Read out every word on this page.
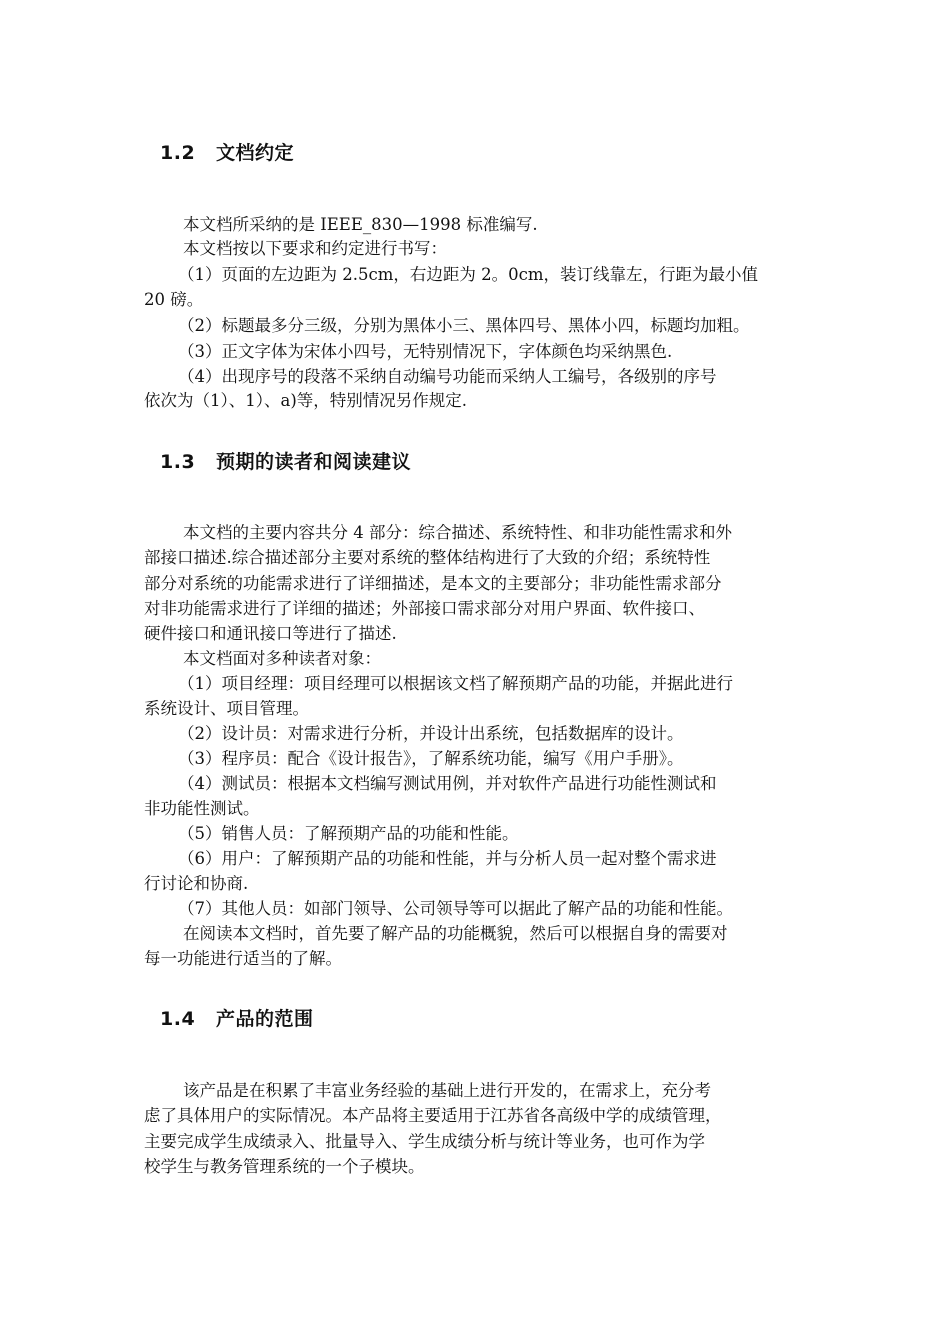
1.2 文档约定
本文档所采纳的是 IEEE_830—1998 标准编写.
本文档按以下要求和约定进行书写：
（1）页面的左边距为 2.5cm，右边距为 2。0cm，装订线靠左，行距为最小值
20 磅。
（2）标题最多分三级，分别为黑体小三、黑体四号、黑体小四，标题均加粗。
（3）正文字体为宋体小四号，无特别情况下，字体颜色均采纳黑色.
（4）出现序号的段落不采纳自动编号功能而采纳人工编号，各级别的序号
依次为（1）、1）、a)等，特别情况另作规定.
1.3 预期的读者和阅读建议
本文档的主要内容共分 4 部分：综合描述、系统特性、和非功能性需求和外
部接口描述.综合描述部分主要对系统的整体结构进行了大致的介绍；系统特性
部分对系统的功能需求进行了详细描述，是本文的主要部分；非功能性需求部分
对非功能需求进行了详细的描述；外部接口需求部分对用户界面、软件接口、
硬件接口和通讯接口等进行了描述.
本文档面对多种读者对象：
（1）项目经理：项目经理可以根据该文档了解预期产品的功能，并据此进行
系统设计、项目管理。
（2）设计员：对需求进行分析，并设计出系统，包括数据库的设计。
（3）程序员：配合《设计报告》，了解系统功能，编写《用户手册》。
（4）测试员：根据本文档编写测试用例，并对软件产品进行功能性测试和
非功能性测试。
（5）销售人员：了解预期产品的功能和性能。
（6）用户：了解预期产品的功能和性能，并与分析人员一起对整个需求进
行讨论和协商.
（7）其他人员：如部门领导、公司领导等可以据此了解产品的功能和性能。
在阅读本文档时，首先要了解产品的功能概貌，然后可以根据自身的需要对
每一功能进行适当的了解。
1.4 产品的范围
该产品是在积累了丰富业务经验的基础上进行开发的，在需求上，充分考
虑了具体用户的实际情况。本产品将主要适用于江苏省各高级中学的成绩管理，
主要完成学生成绩录入、批量导入、学生成绩分析与统计等业务，也可作为学
校学生与教务管理系统的一个子模块。
